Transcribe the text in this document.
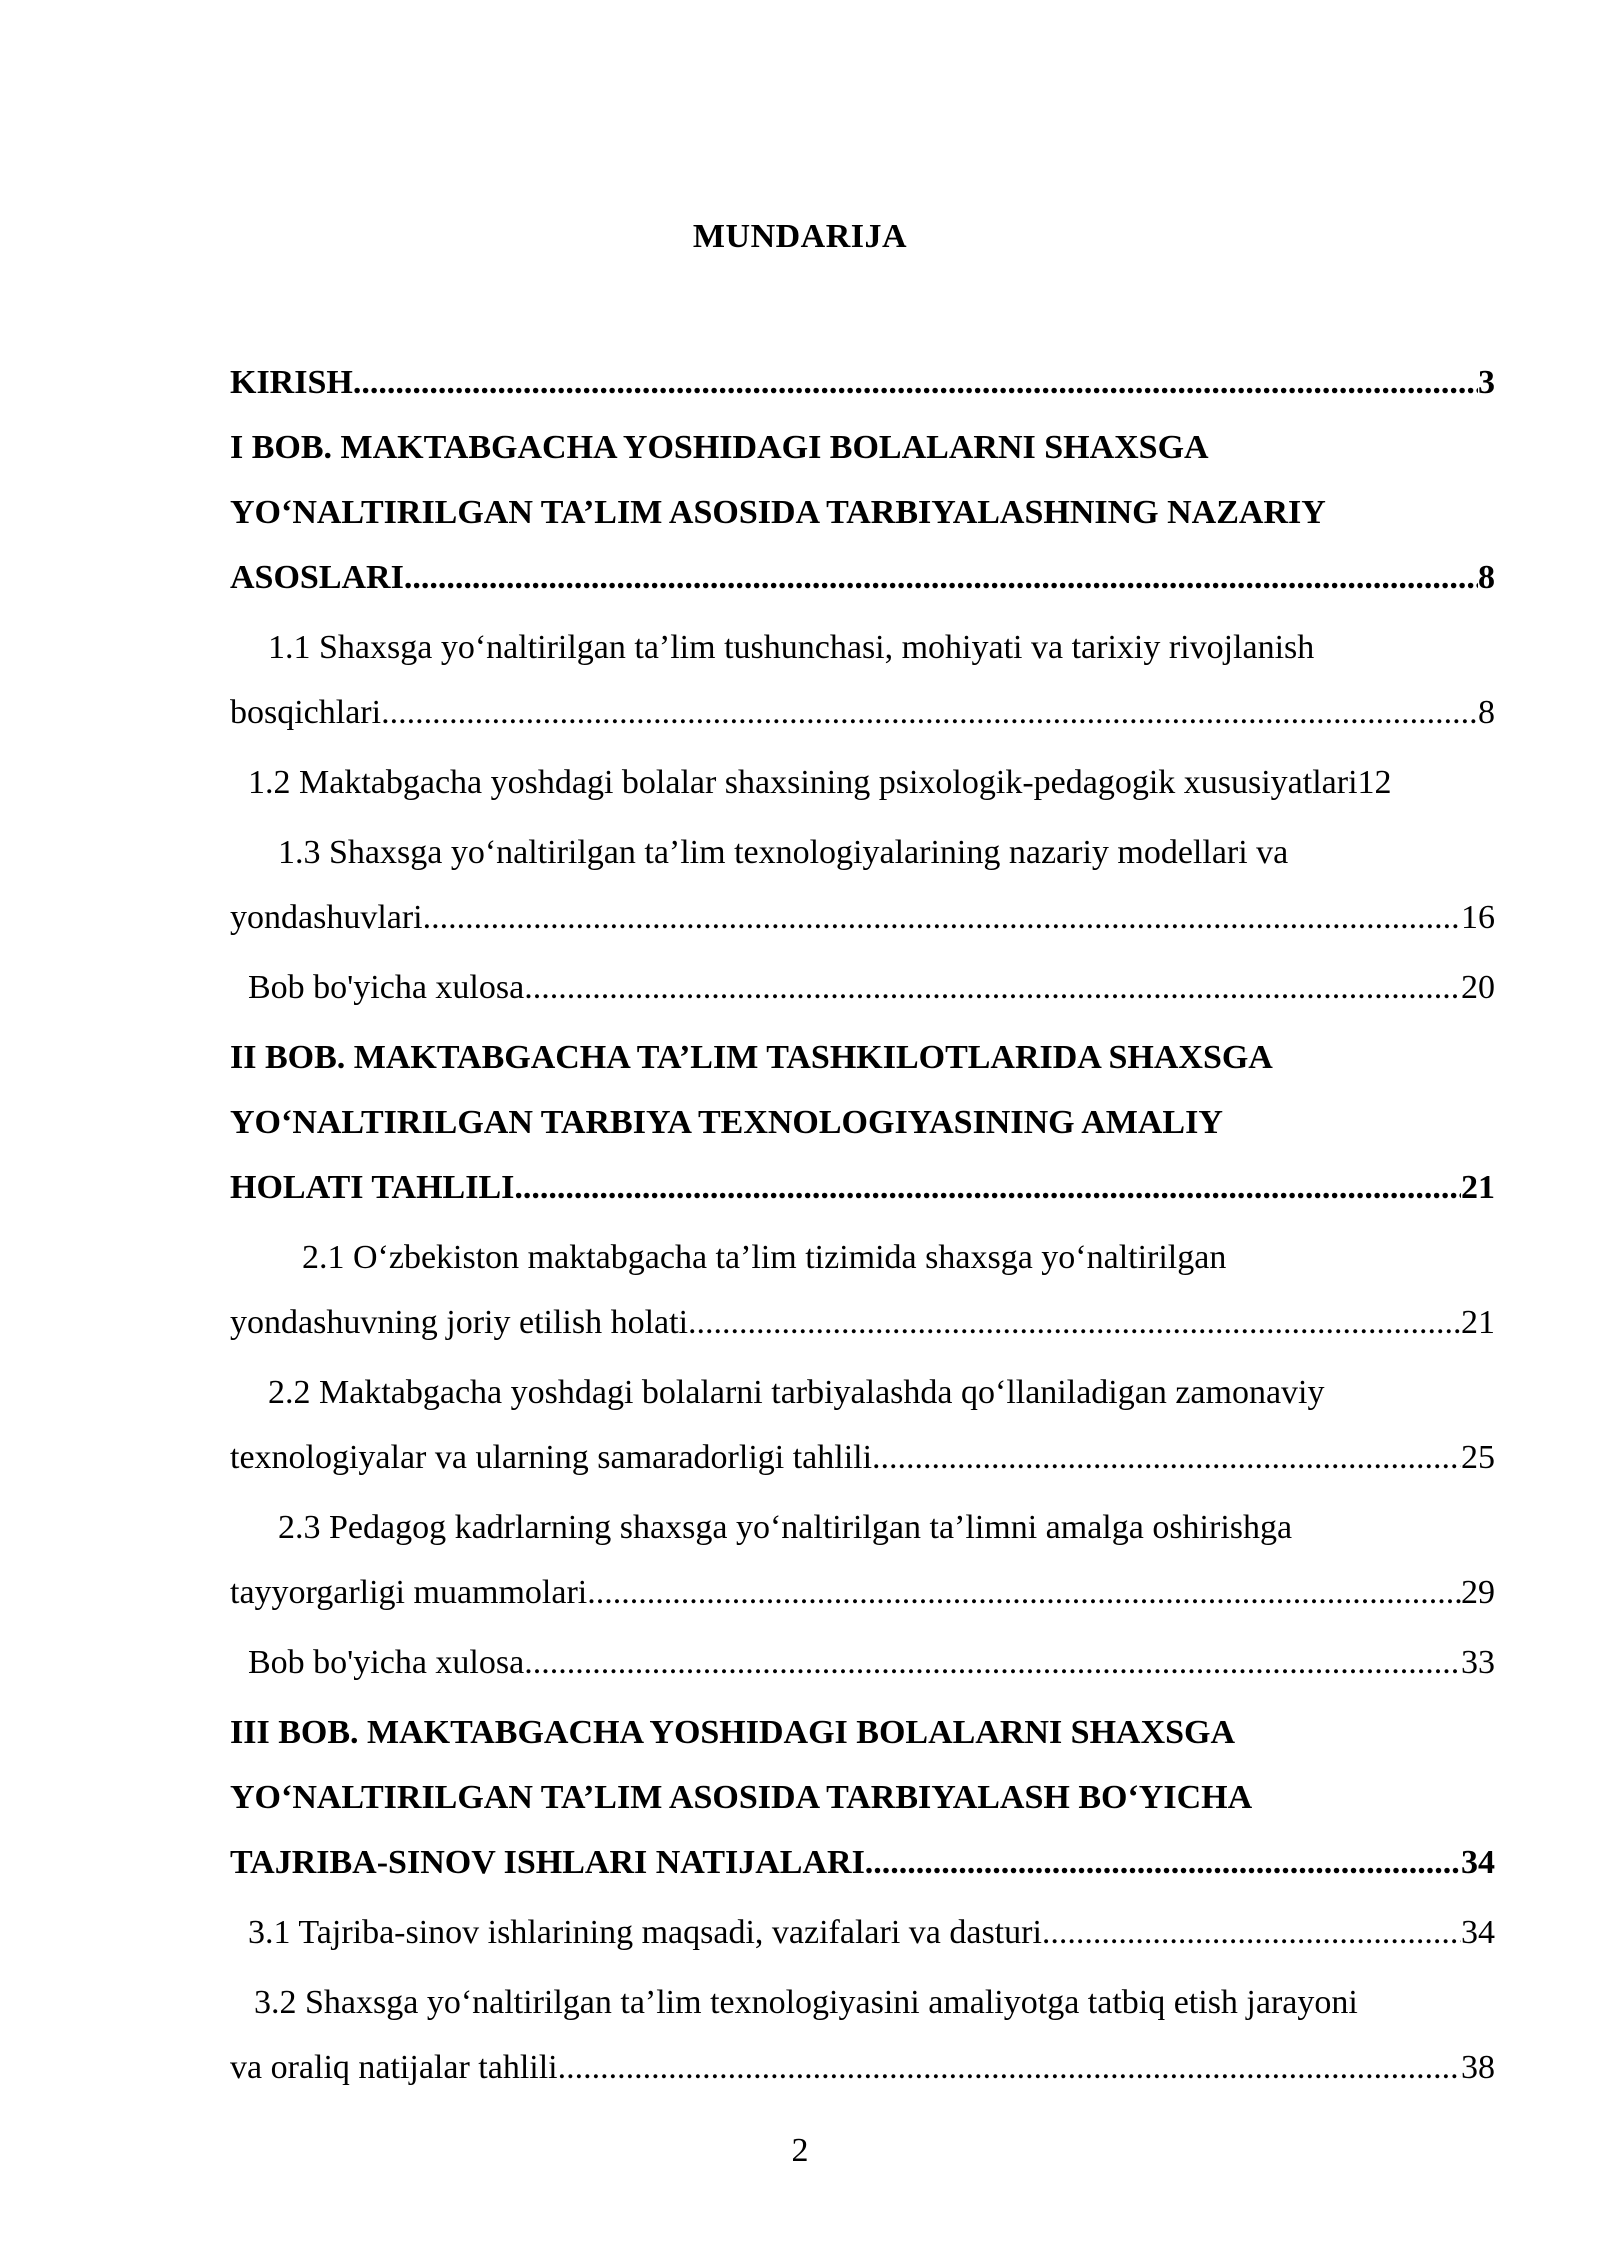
MUNDARIJA
KIRISH .....	3
I BOB. MAKTABGACHA YOSHIDAGI BOLALARNI SHAXSGA
YO‘NALTIRILGAN TA’LIM ASOSIDA TARBIYALASHNING NAZARIY
ASOSLARI .....	8
1.1 Shaxsga yo‘naltirilgan ta’lim tushunchasi, mohiyati va tarixiy rivojlanish
bosqichlari .....	8
1.2 Maktabgacha yoshdagi bolalar shaxsining psixologik-pedagogik xususiyatlari12
1.3 Shaxsga yo‘naltirilgan ta’lim texnologiyalarining nazariy modellari va
yondashuvlari .....	16
Bob bo'yicha xulosa .....	20
II BOB. MAKTABGACHA TA’LIM TASHKILOTLARIDA SHAXSGA
YO‘NALTIRILGAN TARBIYA TEXNOLOGIYASINING AMALIY
HOLATI TAHLILI .....	21
2.1 O‘zbekiston maktabgacha ta’lim tizimida shaxsga yo‘naltirilgan
yondashuvning joriy etilish holati .....	21
2.2 Maktabgacha yoshdagi bolalarni tarbiyalashda qo‘llaniladigan zamonaviy
texnologiyalar va ularning samaradorligi tahlili .....	25
2.3 Pedagog kadrlarning shaxsga yo‘naltirilgan ta’limni amalga oshirishga
tayyorgarligi muammolari .....	29
Bob bo'yicha xulosa .....	33
III BOB. MAKTABGACHA YOSHIDAGI BOLALARNI SHAXSGA
YO‘NALTIRILGAN TA’LIM ASOSIDA TARBIYALASH BO‘YICHA
TAJRIBA-SINOV ISHLARI NATIJALARI .....	34
3.1 Tajriba-sinov ishlarining maqsadi, vazifalari va dasturi .....	34
3.2 Shaxsga yo‘naltirilgan ta’lim texnologiyasini amaliyotga tatbiq etish jarayoni
va oraliq natijalar tahlili .....	38
2
